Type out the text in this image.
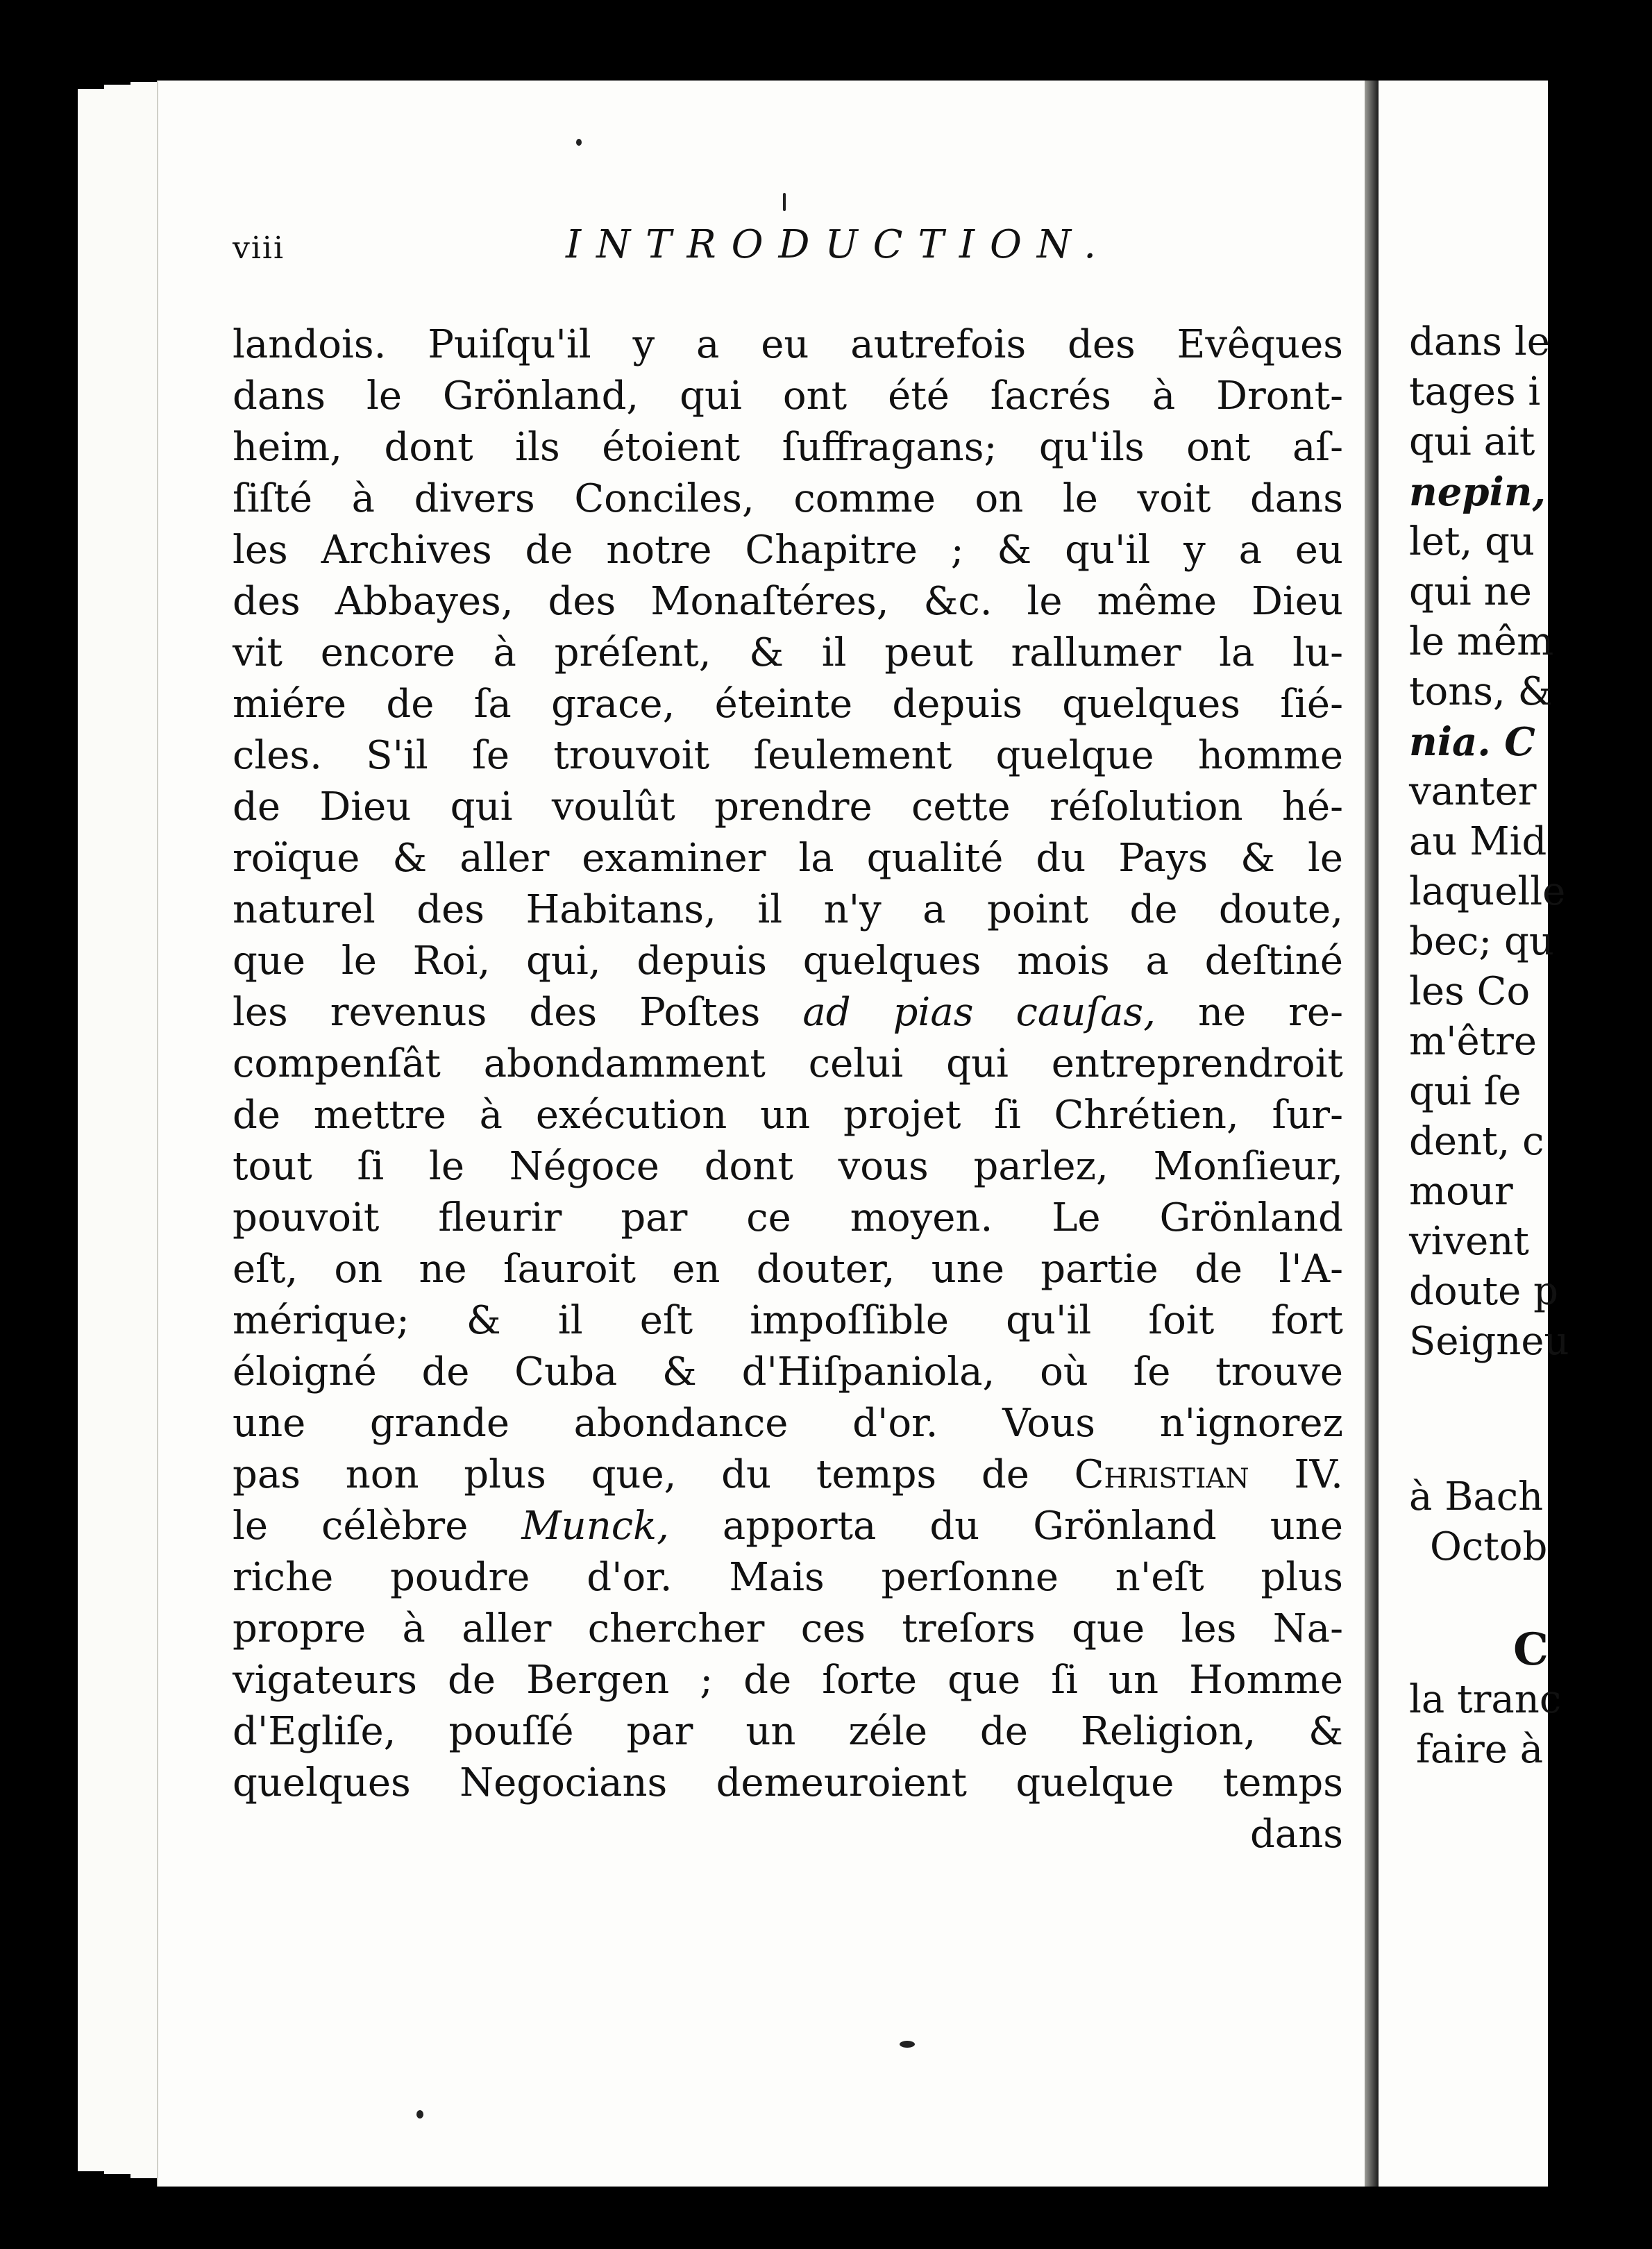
viii	INTRODUCTION.
landois. Puiſqu'il y a eu autrefois des Evêques
dans le Grönland, qui ont été ſacrés à Dront-
heim, dont ils étoient ſuffragans; qu'ils ont aſ-
ſiſté à divers Conciles, comme on le voit dans
les Archives de notre Chapitre ; & qu'il y a eu
des Abbayes, des Monaſtéres, &c. le même Dieu
vit encore à préſent, & il peut rallumer la lu-
miére de ſa grace, éteinte depuis quelques ſié-
cles. S'il ſe trouvoit ſeulement quelque homme
de Dieu qui voulût prendre cette réſolution hé-
roïque & aller examiner la qualité du Pays & le
naturel des Habitans, il n'y a point de doute,
que le Roi, qui, depuis quelques mois a deſtiné
les revenus des Poſtes ad pias cauſas, ne re-
compenſât abondamment celui qui entreprendroit
de mettre à exécution un projet ſi Chrétien, ſur-
tout ſi le Négoce dont vous parlez, Monſieur,
pouvoit fleurir par ce moyen. Le Grönland
eſt, on ne ſauroit en douter, une partie de l'A-
mérique; & il eſt impoſſible qu'il ſoit fort
éloigné de Cuba & d'Hiſpaniola, où ſe trouve
une grande abondance d'or. Vous n'ignorez
pas non plus que, du temps de Christian IV.
le célèbre Munck, apporta du Grönland une
riche poudre d'or. Mais perſonne n'eſt plus
propre à aller chercher ces treſors que les Na-
vigateurs de Bergen ; de ſorte que ſi un Homme
d'Egliſe, pouſſé par un zéle de Religion, &
quelques Negocians demeuroient quelque temps
dans
dans le
tages i
qui ait
nepin,
let, qu
qui ne
le mêm
tons, &
nia. C
vanter
au Mid
laquelle
bec; qu
les Co
m'être
qui ſe
dent, c
mour
vivent
doute p
Seigneu
à Bach
Octob
C
la tranc
faire à
